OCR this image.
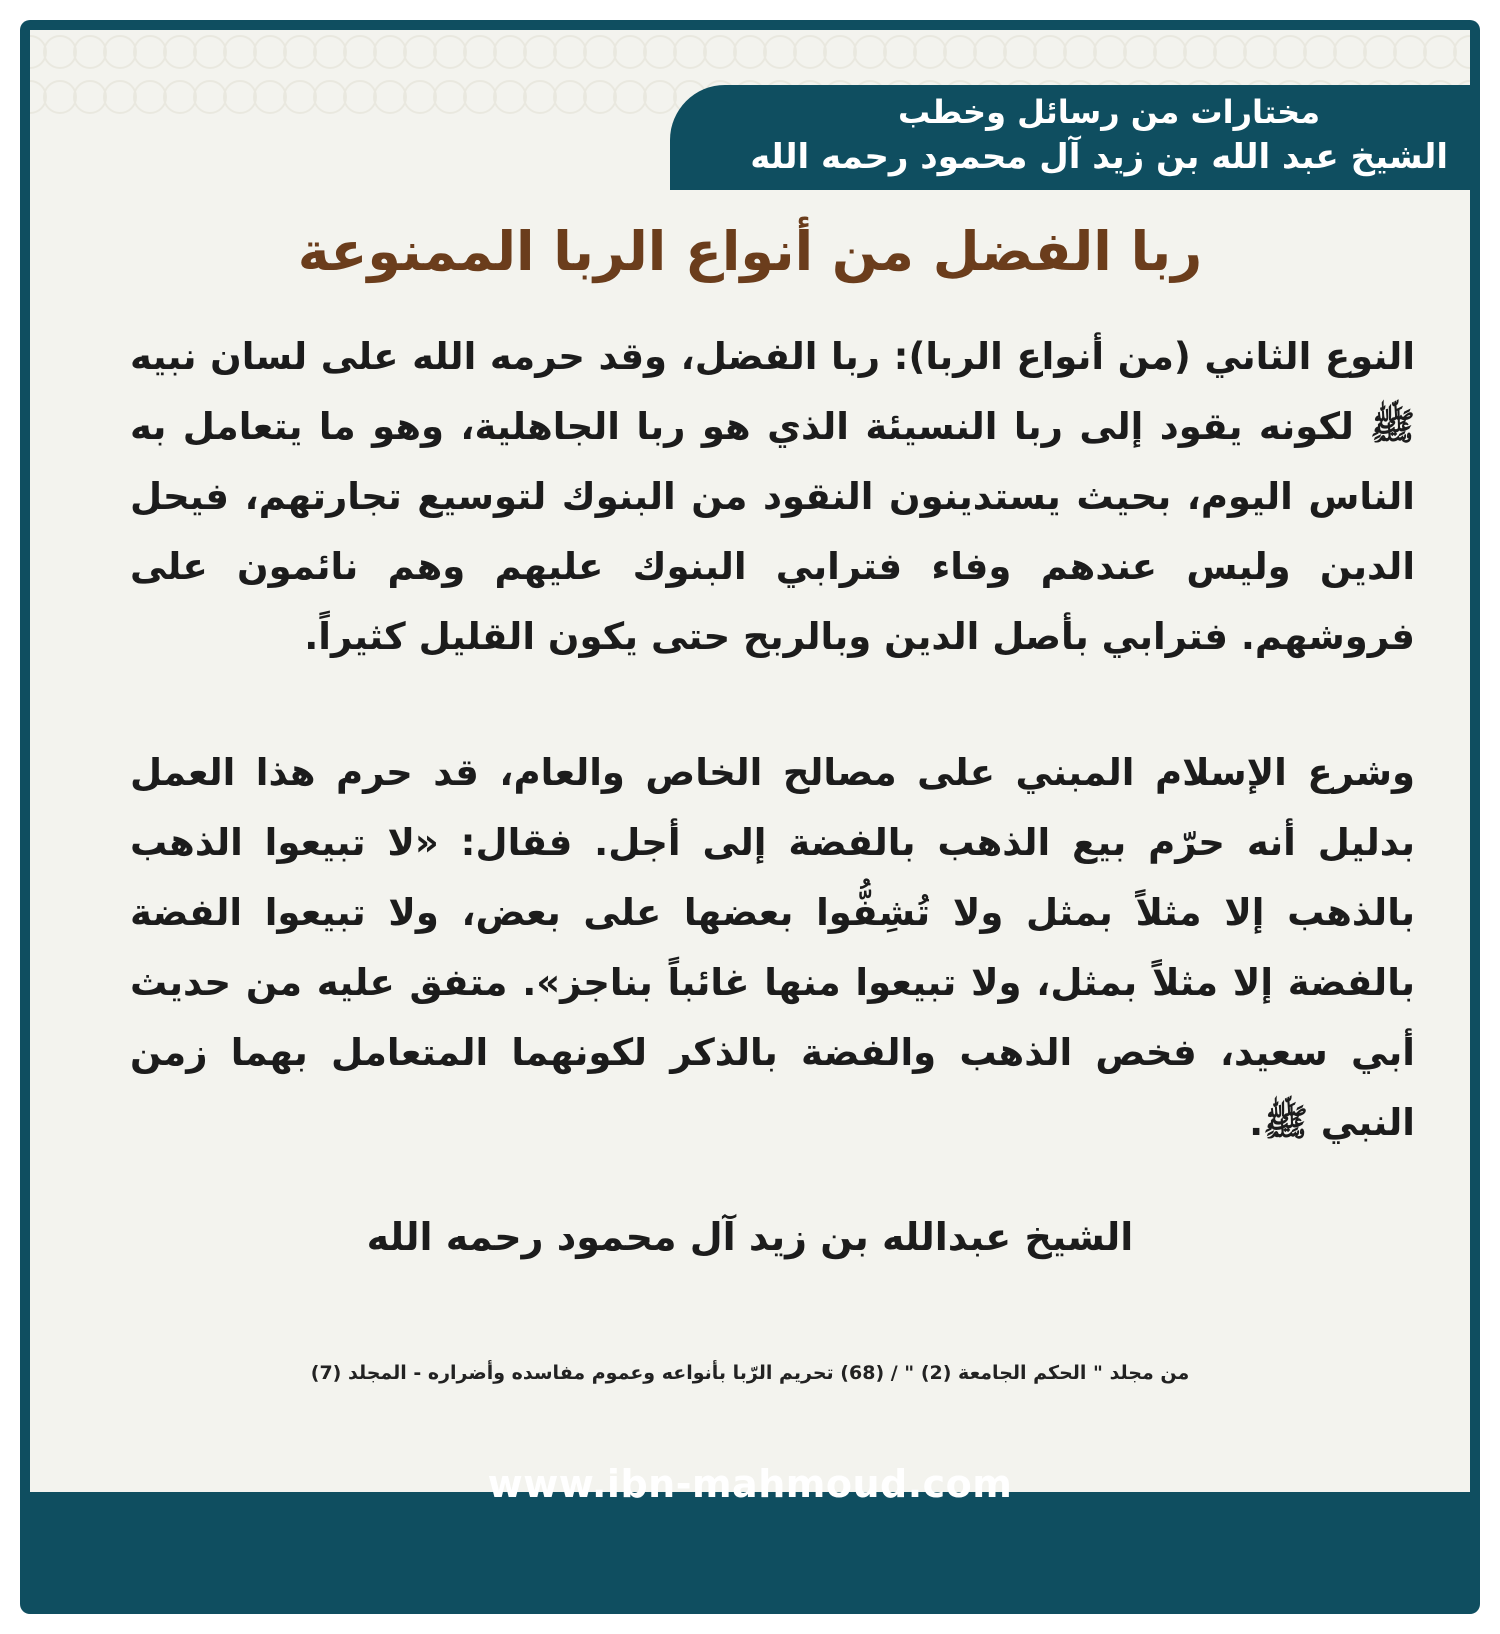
مختارات من رسائل وخطب
الشيخ عبد الله بن زيد آل محمود رحمه الله
ربا الفضل من أنواع الربا الممنوعة
النوع الثاني (من أنواع الربا): ربا الفضل، وقد حرمه الله على لسان نبيه ﷺ لكونه يقود إلى ربا النسيئة الذي هو ربا الجاهلية، وهو ما يتعامل به الناس اليوم، بحيث يستدينون النقود من البنوك لتوسيع تجارتهم، فيحل الدين وليس عندهم وفاء فترابي البنوك عليهم وهم نائمون على فروشهم. فترابي بأصل الدين وبالربح حتى يكون القليل كثيراً.
وشرع الإسلام المبني على مصالح الخاص والعام، قد حرم هذا العمل بدليل أنه حرّم بيع الذهب بالفضة إلى أجل. فقال: «لا تبيعوا الذهب بالذهب إلا مثلاً بمثل ولا تُشِفُّوا بعضها على بعض، ولا تبيعوا الفضة بالفضة إلا مثلاً بمثل، ولا تبيعوا منها غائباً بناجز». متفق عليه من حديث أبي سعيد، فخص الذهب والفضة بالذكر لكونهما المتعامل بهما زمن النبي ﷺ.
الشيخ عبدالله بن زيد آل محمود رحمه الله
من مجلد " الحكم الجامعة (2) " / (68) تحريم الرّبا بأنواعه وعموم مفاسده وأضراره - المجلد (7)
www.ibn-mahmoud.com
